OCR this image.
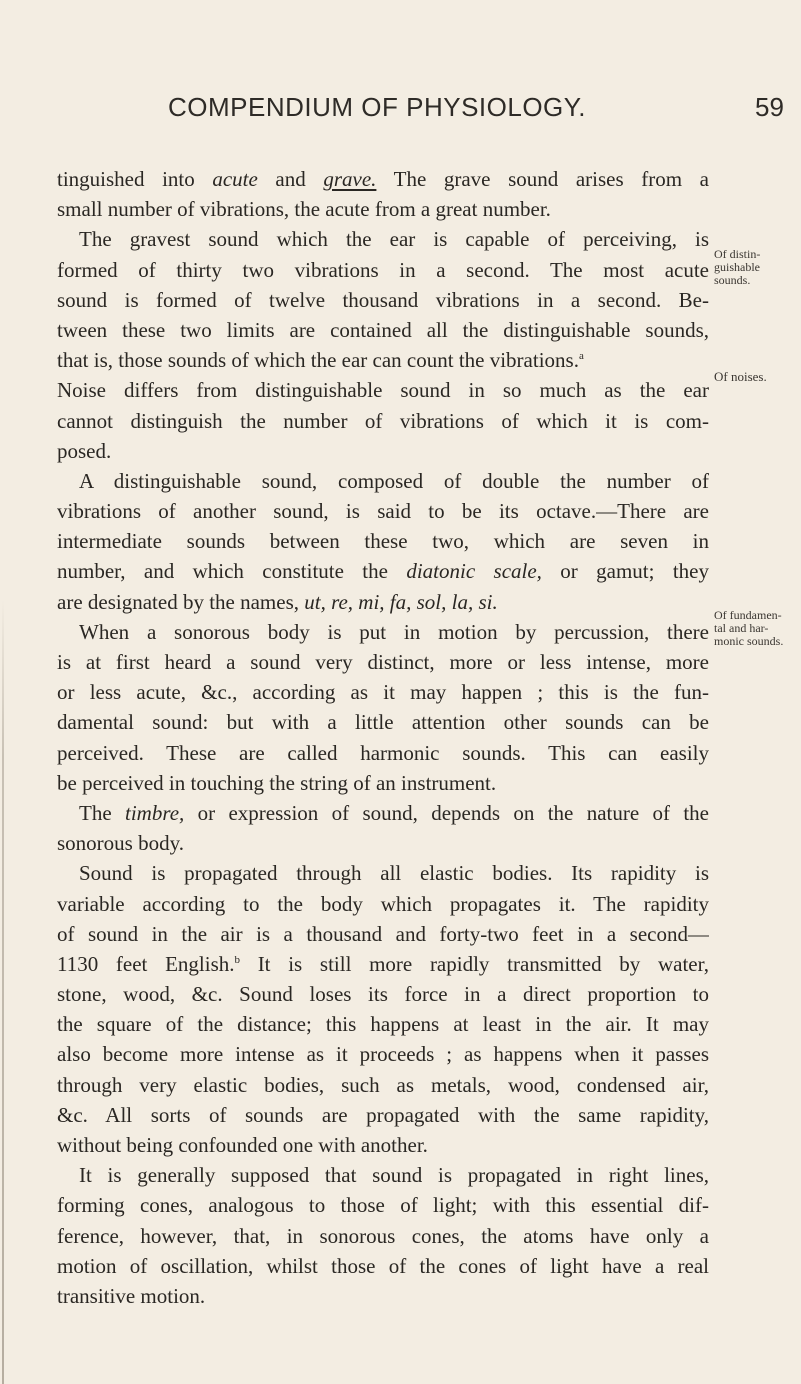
COMPENDIUM OF PHYSIOLOGY.	59
Of distin-
guishable
sounds.
Of noises.
Of fundamen-
tal and har-
monic sounds.
tinguished into acute and grave. The grave sound arises from a
small number of vibrations, the acute from a great number.
The gravest sound which the ear is capable of perceiving, is
formed of thirty two vibrations in a second. The most acute
sound is formed of twelve thousand vibrations in a second. Be-
tween these two limits are contained all the distinguishable sounds,
that is, those sounds of which the ear can count the vibrations.$^a$
Noise differs from distinguishable sound in so much as the ear
cannot distinguish the number of vibrations of which it is com-
posed.
A distinguishable sound, composed of double the number of
vibrations of another sound, is said to be its octave.—There are
intermediate sounds between these two, which are seven in
number, and which constitute the diatonic scale, or gamut; they
are designated by the names, ut, re, mi, fa, sol, la, si.
When a sonorous body is put in motion by percussion, there
is at first heard a sound very distinct, more or less intense, more
or less acute, &c., according as it may happen ; this is the fun-
damental sound: but with a little attention other sounds can be
perceived. These are called harmonic sounds. This can easily
be perceived in touching the string of an instrument.
The timbre, or expression of sound, depends on the nature of the
sonorous body.
Sound is propagated through all elastic bodies. Its rapidity is
variable according to the body which propagates it. The rapidity
of sound in the air is a thousand and forty-two feet in a second—
1130 feet English.$^b$ It is still more rapidly transmitted by water,
stone, wood, &c. Sound loses its force in a direct proportion to
the square of the distance; this happens at least in the air. It may
also become more intense as it proceeds ; as happens when it passes
through very elastic bodies, such as metals, wood, condensed air,
&c. All sorts of sounds are propagated with the same rapidity,
without being confounded one with another.
It is generally supposed that sound is propagated in right lines,
forming cones, analogous to those of light; with this essential dif-
ference, however, that, in sonorous cones, the atoms have only a
motion of oscillation, whilst those of the cones of light have a real
transitive motion.
